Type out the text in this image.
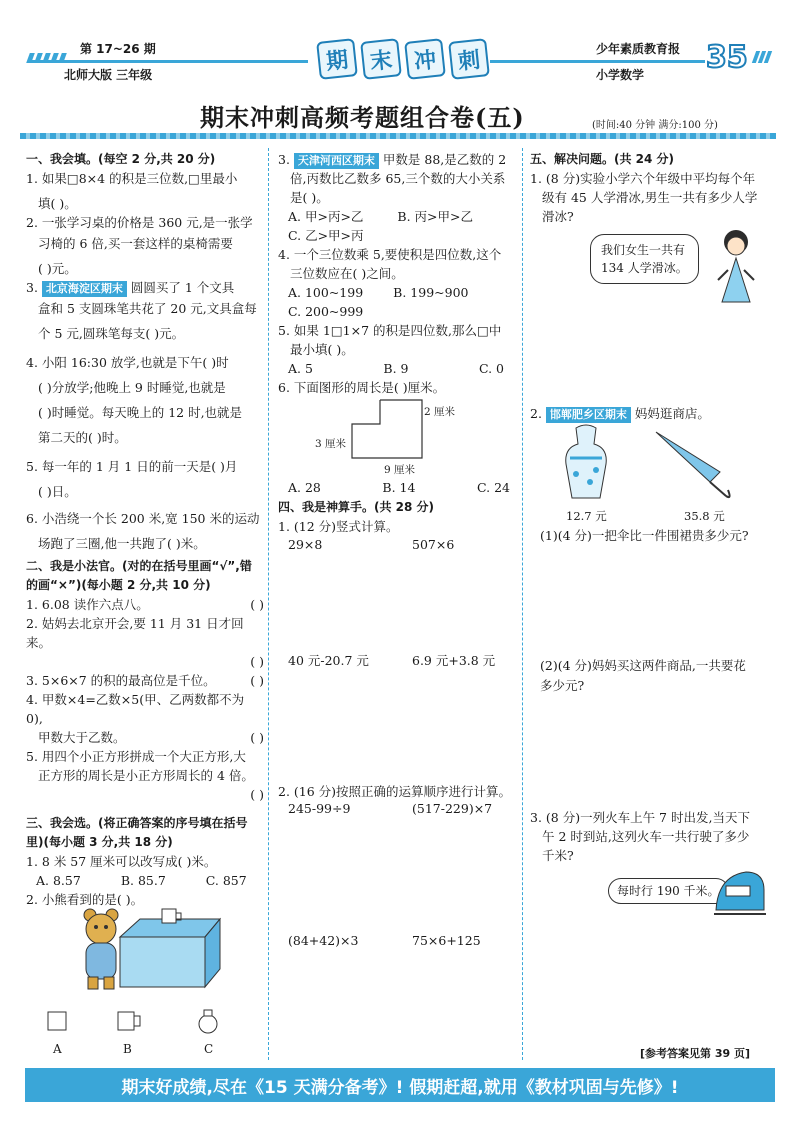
第 17~26 期
北师大版 三年级
期 末 冲 刺	少年素质教育报
小学数学 35
期末冲刺高频考题组合卷(五)	(时间:40 分钟 满分:100 分)

一、我会填。(每空 2 分,共 20 分)

1. 如果□8×4 的积是三位数,□里最小

填( )。

2. 一张学习桌的价格是 360 元,是一张学

习椅的 6 倍,买一套这样的桌椅需要

( )元。

3. 北京海淀区期末 圆圆买了 1 个文具

盒和 5 支圆珠笔共花了 20 元,文具盒每

个 5 元,圆珠笔每支( )元。

4. 小阳 16:30 放学,也就是下午( )时

( )分放学;他晚上 9 时睡觉,也就是

( )时睡觉。每天晚上的 12 时,也就是

第二天的( )时。

5. 每一年的 1 月 1 日的前一天是( )月

( )日。

6. 小浩绕一个长 200 米,宽 150 米的运动

场跑了三圈,他一共跑了( )米。

二、我是小法官。(对的在括号里画“√”,错

的画“×”)(每小题 2 分,共 10 分)

1. 6.08 读作六点八。	( )

2. 姑妈去北京开会,要 11 月 31 日才回来。

( )

3. 5×6×7 的积的最高位是千位。	( )

4. 甲数×4=乙数×5(甲、乙两数都不为 0),

甲数大于乙数。	( )

5. 用四个小正方形拼成一个大正方形,大

正方形的周长是小正方形周长的 4 倍。

( )

三、我会选。(将正确答案的序号填在括号

里)(每小题 3 分,共 18 分)

1. 8 米 57 厘米可以改写成( )米。

A. 8.57	B. 85.7	C. 857

2. 小熊看到的是( )。

A	B	C

3. 天津河西区期末 甲数是 88,是乙数的 2

倍,丙数比乙数多 65,三个数的大小关系

是( )。

A. 甲>丙>乙	B. 丙>甲>乙

C. 乙>甲>丙

4. 一个三位数乘 5,要使积是四位数,这个

三位数应在( )之间。

A. 100~199 B. 199~900

C. 200~999

5. 如果 1□1×7 的积是四位数,那么□中

最小填( )。

A. 5	B. 9	C. 0

6. 下面图形的周长是( )厘米。

2 厘米
3 厘米
9 厘米

A. 28	B. 14	C. 24

四、我是神算手。(共 28 分)

1. (12 分)竖式计算。

29×8	507×6
40 元-20.7 元	6.9 元+3.8 元
2. (16 分)按照正确的运算顺序进行计算。
245-99÷9	(517-229)×7
(84+42)×3	75×6+125

五、解决问题。(共 24 分)

1. (8 分)实验小学六个年级中平均每个年

级有 45 人学滑冰,男生一共有多少人学

滑冰?

我们女生一共有

134 人学滑冰。

2. 邯郸肥乡区期末 妈妈逛商店。
12.7 元	35.8 元
(1)(4 分)一把伞比一件围裙贵多少元?
(2)(4 分)妈妈买这两件商品,一共要花
多少元?

3. (8 分)一列火车上午 7 时出发,当天下

午 2 时到站,这列火车一共行驶了多少

千米?

每时行 190 千米。
[参考答案见第 39 页]
期末好成绩,尽在《15 天满分备考》! 假期赶超,就用《教材巩固与先修》!
